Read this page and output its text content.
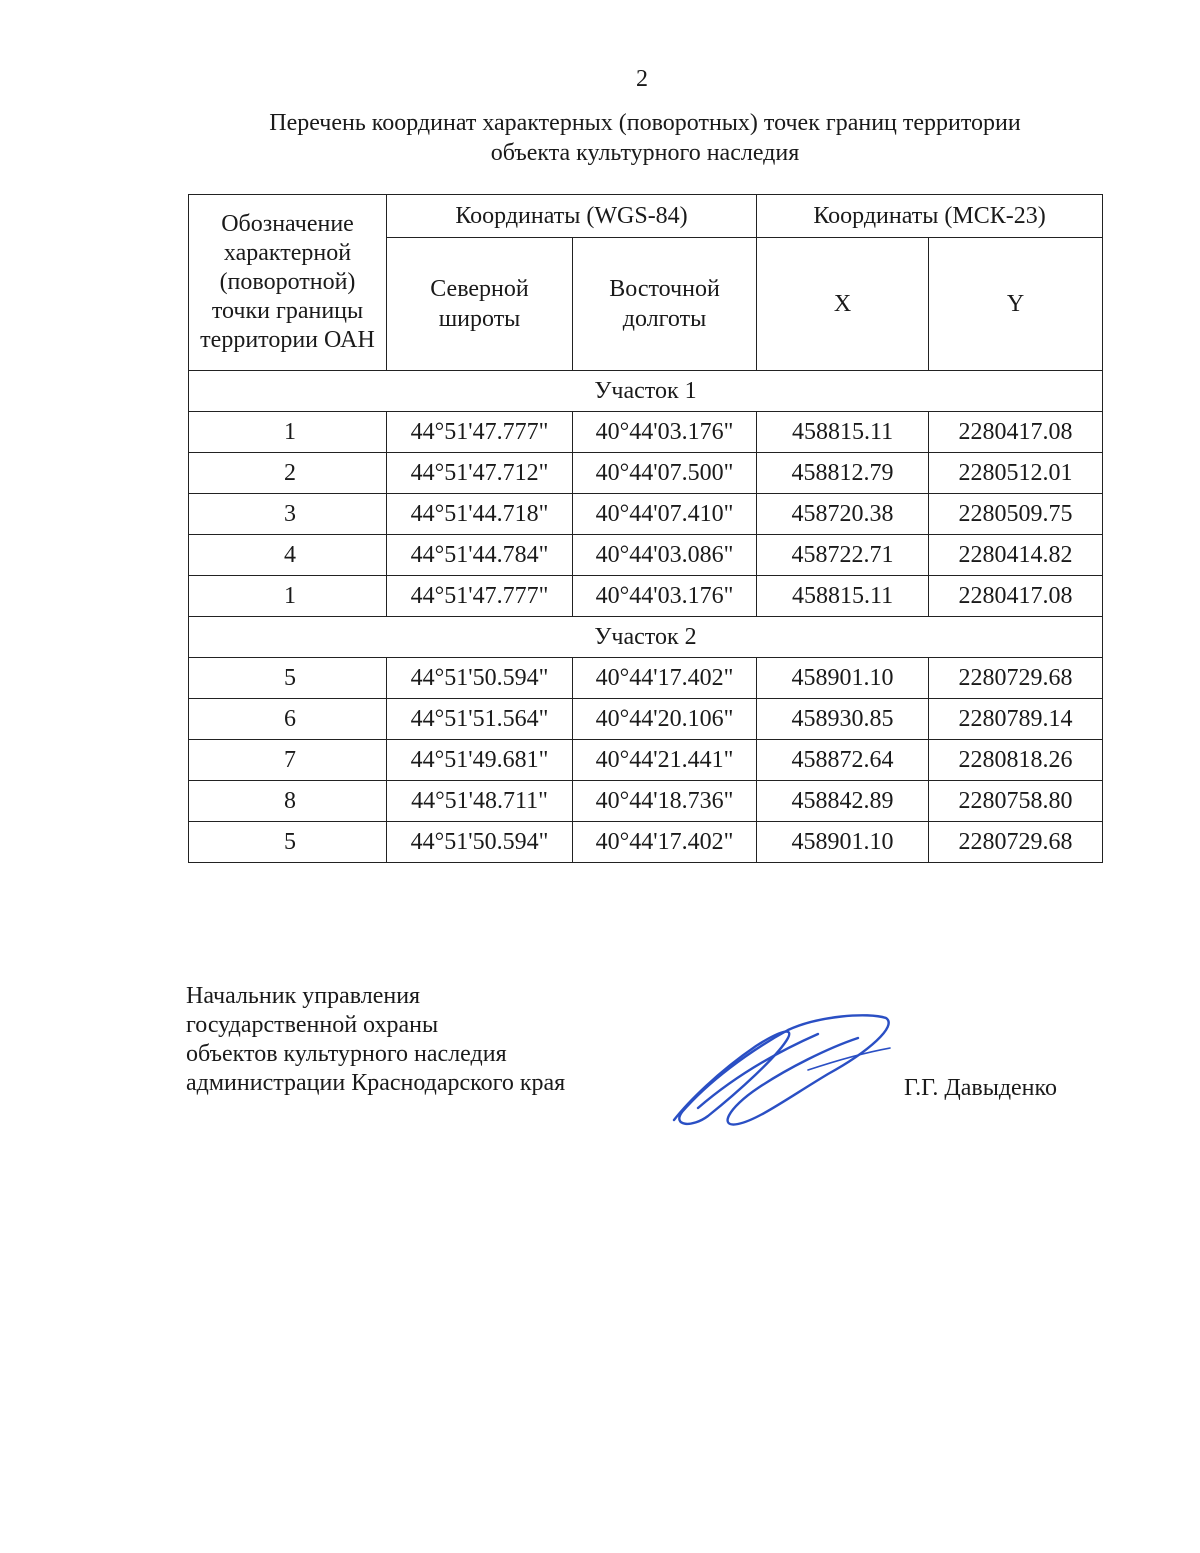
2
Перечень координат характерных (поворотных) точек границ территории
объекта культурного наследия
Обозначение характерной (поворотной) точки границы территории ОАН	Координаты (WGS-84)		Координаты (МСК-23)	
	Северной широты	Восточной долготы	X	Y
Участок 1				
1	44°51'47.777"	40°44'03.176"	458815.11	2280417.08
2	44°51'47.712"	40°44'07.500"	458812.79	2280512.01
3	44°51'44.718"	40°44'07.410"	458720.38	2280509.75
4	44°51'44.784"	40°44'03.086"	458722.71	2280414.82
1	44°51'47.777"	40°44'03.176"	458815.11	2280417.08
Участок 2				
5	44°51'50.594"	40°44'17.402"	458901.10	2280729.68
6	44°51'51.564"	40°44'20.106"	458930.85	2280789.14
7	44°51'49.681"	40°44'21.441"	458872.64	2280818.26
8	44°51'48.711"	40°44'18.736"	458842.89	2280758.80
5	44°51'50.594"	40°44'17.402"	458901.10	2280729.68
Начальник управления
государственной охраны
объектов культурного наследия
администрации Краснодарского края	Г.Г. Давыденко
